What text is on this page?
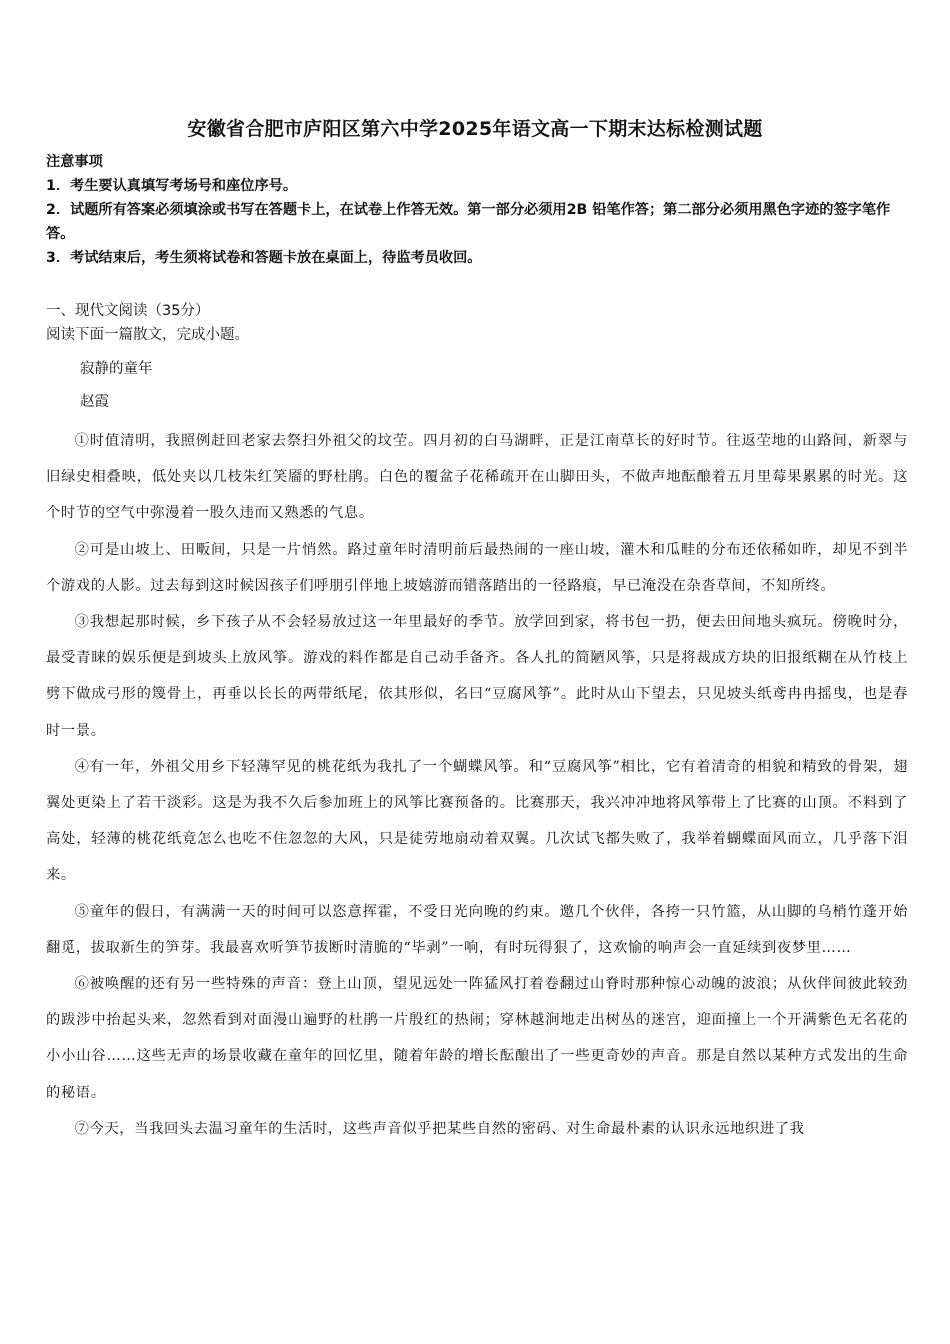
安徽省合肥市庐阳区第六中学2025年语文高一下期末达标检测试题

注意事项

1．考生要认真填写考场号和座位序号。

2．试题所有答案必须填涂或书写在答题卡上，在试卷上作答无效。第一部分必须用2B 铅笔作答；第二部分必须用黑色字迹的签字笔作答。

3．考试结束后，考生须将试卷和答题卡放在桌面上，待监考员收回。

一、现代文阅读（35分）
阅读下面一篇散文，完成小题。
寂静的童年
赵霞

①时值清明，我照例赶回老家去祭扫外祖父的坟茔。四月初的白马湖畔，正是江南草长的好时节。往返茔地的山路间，新翠与旧绿史相叠映，低处夹以几枝朱红笑靥的野杜鹃。白色的覆盆子花稀疏开在山脚田头，不做声地酝酿着五月里莓果累累的时光。这个时节的空气中弥漫着一股久违而又熟悉的气息。

②可是山坡上、田畈间，只是一片悄然。路过童年时清明前后最热闹的一座山坡，灌木和瓜畦的分布还依稀如昨，却见不到半个游戏的人影。过去每到这时候因孩子们呼朋引伴地上坡嬉游而错落踏出的一径路痕，早已淹没在杂沓草间，不知所终。

③我想起那时候，乡下孩子从不会轻易放过这一年里最好的季节。放学回到家，将书包一扔，便去田间地头疯玩。傍晚时分，最受青睐的娱乐便是到坡头上放风筝。游戏的料作都是自己动手备齐。各人扎的简陋风筝，只是将裁成方块的旧报纸糊在从竹枝上劈下做成弓形的篾骨上，再垂以长长的两带纸尾，依其形似，名曰“豆腐风筝”。此时从山下望去，只见坡头纸鸢冉冉摇曳，也是春时一景。

④有一年，外祖父用乡下轻薄罕见的桃花纸为我扎了一个蝴蝶风筝。和“豆腐风筝”相比，它有着清奇的相貌和精致的骨架，翅翼处更染上了若干淡彩。这是为我不久后参加班上的风筝比赛预备的。比赛那天，我兴冲冲地将风筝带上了比赛的山顶。不料到了高处，轻薄的桃花纸竟怎么也吃不住忽忽的大风，只是徒劳地扇动着双翼。几次试飞都失败了，我举着蝴蝶面风而立，几乎落下泪来。

⑤童年的假日，有满满一天的时间可以恣意挥霍，不受日光向晚的约束。邀几个伙伴，各挎一只竹篮，从山脚的乌梢竹蓬开始翻觅，拔取新生的笋芽。我最喜欢听笋节拔断时清脆的“毕剥”一响，有时玩得狠了，这欢愉的响声会一直延续到夜梦里……

⑥被唤醒的还有另一些特殊的声音：登上山顶，望见远处一阵猛风打着卷翻过山脊时那种惊心动魄的波浪；从伙伴间彼此较劲的跋涉中抬起头来，忽然看到对面漫山遍野的杜鹃一片殷红的热闹；穿林越涧地走出树丛的迷宫，迎面撞上一个开满紫色无名花的小小山谷……这些无声的场景收藏在童年的回忆里，随着年龄的增长酝酿出了一些更奇妙的声音。那是自然以某种方式发出的生命的秘语。

⑦今天，当我回头去温习童年的生活时，这些声音似乎把某些自然的密码、对生命最朴素的认识永远地织进了我
